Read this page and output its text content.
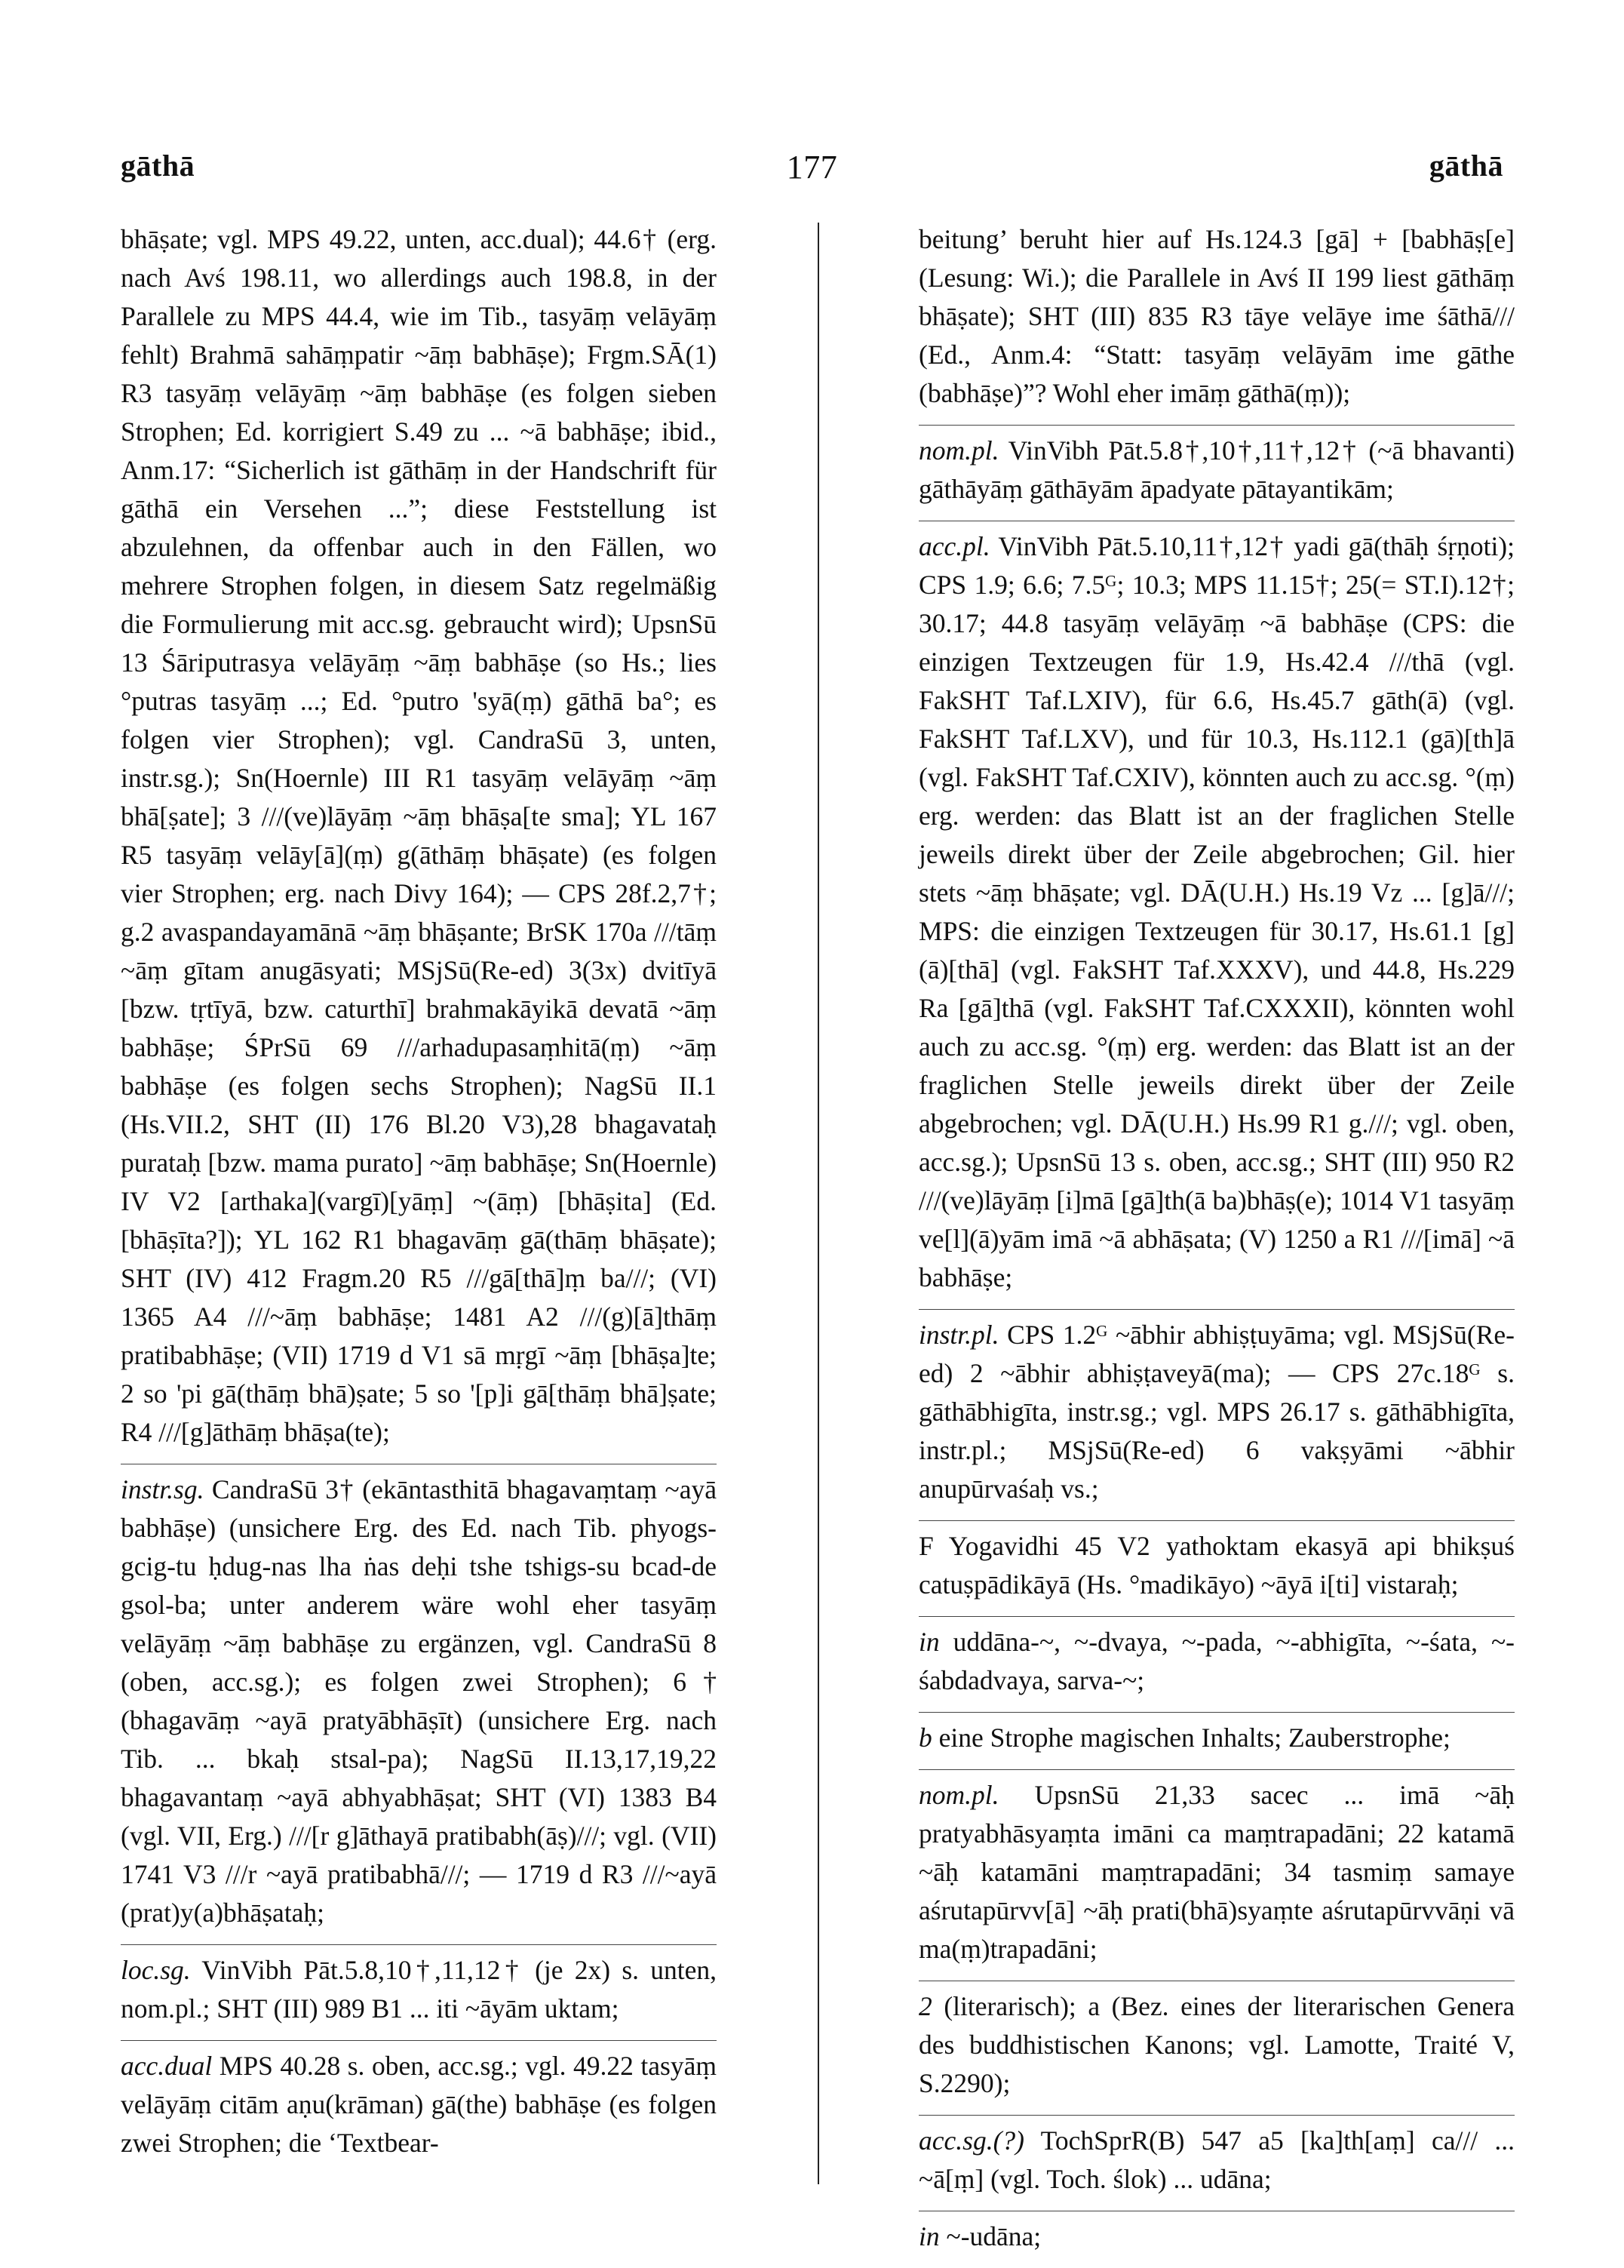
177
gāthā	gāthā

bhāṣate; vgl. MPS 49.22, unten, acc.dual); 44.6† (erg. nach Avś 198.11, wo allerdings auch 198.8, in der Parallele zu MPS 44.4, wie im Tib., tasyāṃ velāyāṃ fehlt) Brahmā sahāṃpatir ~āṃ babhāṣe); Frgm.SĀ(1) R3 tasyāṃ velāyāṃ ~āṃ babhāṣe (es folgen sieben Strophen; Ed. korrigiert S.49 zu ... ~ā babhāṣe; ibid., Anm.17: “Sicherlich ist gāthāṃ in der Handschrift für gāthā ein Versehen ...”; diese Feststellung ist abzulehnen, da offenbar auch in den Fällen, wo mehrere Strophen folgen, in diesem Satz regelmäßig die Formulierung mit acc.sg. gebraucht wird); UpsnSū 13 Śāriputrasya velāyāṃ ~āṃ babhāṣe (so Hs.; lies °putras tasyāṃ ...; Ed. °putro 'syā(ṃ) gāthā ba°; es folgen vier Strophen); vgl. CandraSū 3, unten, instr.sg.); Sn(Hoernle) III R1 tasyāṃ velāyāṃ ~āṃ bhā[ṣate]; 3 ///(ve)lāyāṃ ~āṃ bhāṣa[te sma]; YL 167 R5 tasyāṃ velāy[ā](ṃ) g(āthāṃ bhāṣate) (es folgen vier Strophen; erg. nach Divy 164); — CPS 28f.2,7†; g.2 avaspandayamānā ~āṃ bhāṣante; BrSK 170a ///tāṃ ~āṃ gītam anugāsyati; MSjSū(Re-ed) 3(3x) dvitīyā [bzw. tṛtīyā, bzw. caturthī] brahmakāyikā devatā ~āṃ babhāṣe; ŚPrSū 69 ///arhadupasaṃhitā(ṃ) ~āṃ babhāṣe (es folgen sechs Strophen); NagSū II.1 (Hs.VII.2, SHT (II) 176 Bl.20 V3),28 bhagavataḥ purataḥ [bzw. mama purato] ~āṃ babhāṣe; Sn(Hoernle) IV V2 [arthaka](vargī)[yāṃ] ~(āṃ) [bhāṣita] (Ed. [bhāṣīta?]); YL 162 R1 bhagavāṃ gā(thāṃ bhāṣate); SHT (IV) 412 Fragm.20 R5 ///gā[thā]ṃ ba///; (VI) 1365 A4 ///~āṃ babhāṣe; 1481 A2 ///(g)[ā]thāṃ pratibabhāṣe; (VII) 1719 d V1 sā mṛgī ~āṃ [bhāṣa]te; 2 so 'pi gā(thāṃ bhā)ṣate; 5 so '[p]i gā[thāṃ bhā]ṣate; R4 ///[g]āthāṃ bhāṣa(te);

instr.sg. CandraSū 3† (ekāntasthitā bhagavaṃtaṃ ~ayā babhāṣe) (unsichere Erg. des Ed. nach Tib. phyogs-gcig-tu ḥdug-nas lha ṅas deḥi tshe tshigs-su bcad-de gsol-ba; unter anderem wäre wohl eher tasyāṃ velāyāṃ ~āṃ babhāṣe zu ergänzen, vgl. CandraSū 8 (oben, acc.sg.); es folgen zwei Strophen); 6† (bhagavāṃ ~ayā pratyābhāṣīt) (unsichere Erg. nach Tib. ... bkaḥ stsal-pa); NagSū II.13,17,19,22 bhagavantaṃ ~ayā abhyabhāṣat; SHT (VI) 1383 B4 (vgl. VII, Erg.) ///[r g]āthayā pratibabh(āṣ)///; vgl. (VII) 1741 V3 ///r ~ayā pratibabhā///; — 1719 d R3 ///~ayā (prat)y(a)bhāṣataḥ;

loc.sg. VinVibh Pāt.5.8,10†,11,12† (je 2x) s. unten, nom.pl.; SHT (III) 989 B1 ... iti ~āyām uktam;

acc.dual MPS 40.28 s. oben, acc.sg.; vgl. 49.22 tasyāṃ velāyāṃ citām aṇu(krāman) gā(the) babhāṣe (es folgen zwei Strophen; die ‘Textbear-

beitung’ beruht hier auf Hs.124.3 [gā] + [babhāṣ[e] (Lesung: Wi.); die Parallele in Avś II 199 liest gāthāṃ bhāṣate); SHT (III) 835 R3 tāye velāye ime śāthā/// (Ed., Anm.4: “Statt: tasyāṃ velāyām ime gāthe (babhāṣe)”? Wohl eher imāṃ gāthā(ṃ));

nom.pl. VinVibh Pāt.5.8†,10†,11†,12† (~ā bhavanti) gāthāyāṃ gāthāyām āpadyate pātayantikām;

acc.pl. VinVibh Pāt.5.10,11†,12† yadi gā(thāḥ śṛṇoti); CPS 1.9; 6.6; 7.5ᴳ; 10.3; MPS 11.15†; 25(= ST.I).12†; 30.17; 44.8 tasyāṃ velāyāṃ ~ā babhāṣe (CPS: die einzigen Textzeugen für 1.9, Hs.42.4 ///thā (vgl. FakSHT Taf.LXIV), für 6.6, Hs.45.7 gāth(ā) (vgl. FakSHT Taf.LXV), und für 10.3, Hs.112.1 (gā)[th]ā (vgl. FakSHT Taf.CXIV), könnten auch zu acc.sg. °(ṃ) erg. werden: das Blatt ist an der fraglichen Stelle jeweils direkt über der Zeile abgebrochen; Gil. hier stets ~āṃ bhāṣate; vgl. DĀ(U.H.) Hs.19 Vz ... [g]ā///; MPS: die einzigen Textzeugen für 30.17, Hs.61.1 [g](ā)[thā] (vgl. FakSHT Taf.XXXV), und 44.8, Hs.229 Ra [gā]thā (vgl. FakSHT Taf.CXXXII), könnten wohl auch zu acc.sg. °(ṃ) erg. werden: das Blatt ist an der fraglichen Stelle jeweils direkt über der Zeile abgebrochen; vgl. DĀ(U.H.) Hs.99 R1 g.///; vgl. oben, acc.sg.); UpsnSū 13 s. oben, acc.sg.; SHT (III) 950 R2 ///(ve)lāyāṃ [i]mā [gā]th(ā ba)bhāṣ(e); 1014 V1 tasyāṃ ve[l](ā)yām imā ~ā abhāṣata; (V) 1250 a R1 ///[imā] ~ā babhāṣe;

instr.pl. CPS 1.2ᴳ ~ābhir abhiṣṭuyāma; vgl. MSjSū(Re-ed) 2 ~ābhir abhiṣṭaveyā(ma); — CPS 27c.18ᴳ s. gāthābhigīta, instr.sg.; vgl. MPS 26.17 s. gāthābhigīta, instr.pl.; MSjSū(Re-ed) 6 vakṣyāmi ~ābhir anupūrvaśaḥ vs.;

F Yogavidhi 45 V2 yathoktam ekasyā api bhikṣuś catuṣpādikāyā (Hs. °madikāyo) ~āyā i[ti] vistaraḥ;

in uddāna-~, ~-dvaya, ~-pada, ~-abhigīta, ~-śata, ~-śabdadvaya, sarva-~;

b eine Strophe magischen Inhalts; Zauberstrophe;

nom.pl. UpsnSū 21,33 sacec ... imā ~āḥ pratyabhāsyaṃta imāni ca maṃtrapadāni; 22 katamā ~āḥ katamāni maṃtrapadāni; 34 tasmiṃ samaye aśrutapūrvv[ā] ~āḥ prati(bhā)syaṃte aśrutapūrvvāṇi vā ma(ṃ)trapadāni;

2 (literarisch); a (Bez. eines der literarischen Genera des buddhistischen Kanons; vgl. Lamotte, Traité V, S.2290);

acc.sg.(?) TochSprR(B) 547 a5 [ka]th[aṃ] ca/// ... ~ā[ṃ] (vgl. Toch. ślok) ... udāna;

in ~-udāna;
